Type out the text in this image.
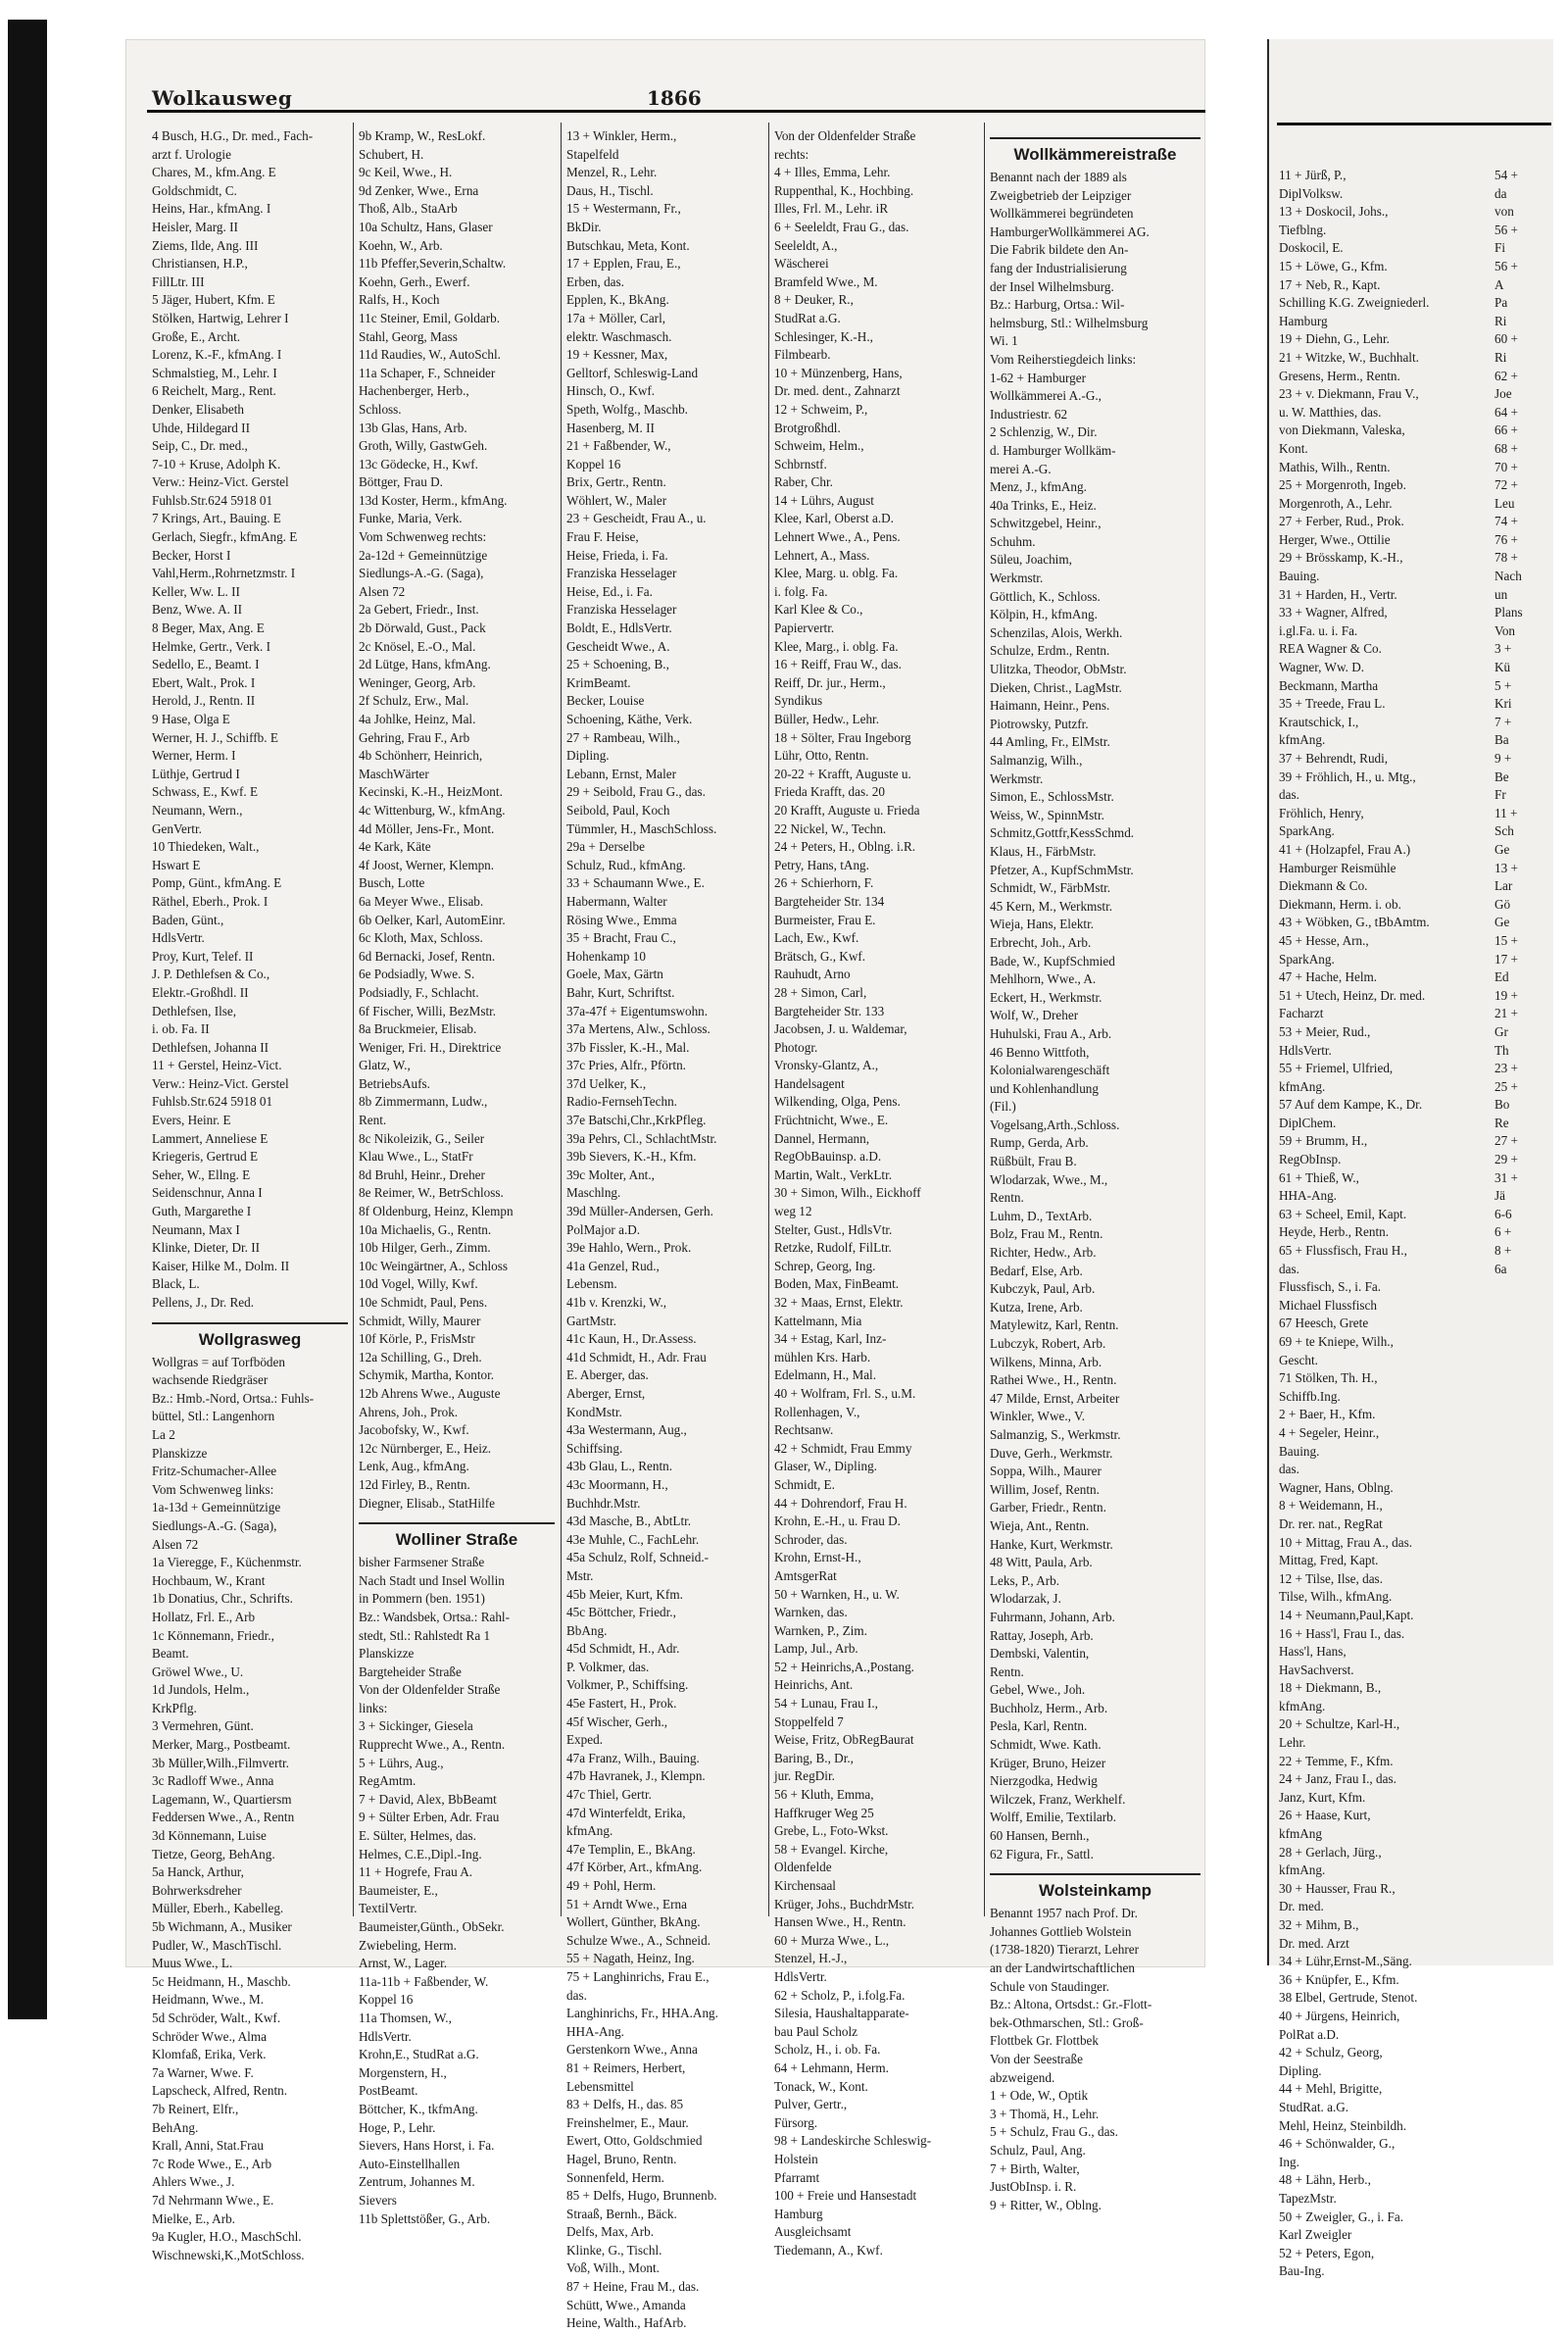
11 + Jürß, P.,
DiplVolksw.
13 + Doskocil, Johs.,
Tiefblng.
Doskocil, E.
15 + Löwe, G., Kfm.
17 + Neb, R., Kapt.
Schilling K.G. Zweigniederl.
Hamburg
19 + Diehn, G., Lehr.
21 + Witzke, W., Buchhalt.
Gresens, Herm., Rentn.
23 + v. Diekmann, Frau V.,
u. W. Matthies, das.
von Diekmann, Valeska,
Kont.
Mathis, Wilh., Rentn.
25 + Morgenroth, Ingeb.
Morgenroth, A., Lehr.
27 + Ferber, Rud., Prok.
Herger, Wwe., Ottilie
29 + Brösskamp, K.-H.,
Bauing.
31 + Harden, H., Vertr.
33 + Wagner, Alfred,
i.gl.Fa. u. i. Fa.
REA Wagner & Co.
Wagner, Ww. D.
Beckmann, Martha
35 + Treede, Frau L.
Krautschick, I.,
kfmAng.
37 + Behrendt, Rudi,
39 + Fröhlich, H., u. Mtg.,
das.
Fröhlich, Henry,
SparkAng.
41 + (Holzapfel, Frau A.)
Hamburger Reismühle
Diekmann & Co.
Diekmann, Herm. i. ob.
43 + Wöbken, G., tBbAmtm.
45 + Hesse, Arn.,
SparkAng.
47 + Hache, Helm.
51 + Utech, Heinz, Dr. med.
Facharzt
53 + Meier, Rud.,
HdlsVertr.
55 + Friemel, Ulfried,
kfmAng.
57 Auf dem Kampe, K., Dr.
DiplChem.
59 + Brumm, H.,
RegObInsp.
61 + Thieß, W.,
HHA-Ang.
63 + Scheel, Emil, Kapt.
Heyde, Herb., Rentn.
65 + Flussfisch, Frau H.,
das.
Flussfisch, S., i. Fa.
Michael Flussfisch
67 Heesch, Grete
69 + te Kniepe, Wilh.,
Gescht.
71 Stölken, Th. H.,
Schiffb.Ing.
2 + Baer, H., Kfm.
4 + Segeler, Heinr.,
Bauing.
das.
Wagner, Hans, Oblng.
8 + Weidemann, H.,
Dr. rer. nat., RegRat
10 + Mittag, Frau A., das.
Mittag, Fred, Kapt.
12 + Tilse, Ilse, das.
Tilse, Wilh., kfmAng.
14 + Neumann,Paul,Kapt.
16 + Hass'l, Frau I., das.
Hass'l, Hans,
HavSachverst.
18 + Diekmann, B.,
kfmAng.
20 + Schultze, Karl-H.,
Lehr.
22 + Temme, F., Kfm.
24 + Janz, Frau I., das.
Janz, Kurt, Kfm.
26 + Haase, Kurt,
kfmAng
28 + Gerlach, Jürg.,
kfmAng.
30 + Hausser, Frau R.,
Dr. med.
32 + Mihm, B.,
Dr. med. Arzt
34 + Lühr,Ernst-M.,Säng.
36 + Knüpfer, E., Kfm.
38 Elbel, Gertrude, Stenot.
40 + Jürgens, Heinrich,
PolRat a.D.
42 + Schulz, Georg,
Dipling.
44 + Mehl, Brigitte,
StudRat. a.G.
Mehl, Heinz, Steinbildh.
46 + Schönwalder, G.,
Ing.
48 + Lähn, Herb.,
TapezMstr.
50 + Zweigler, G., i. Fa.
Karl Zweigler
52 + Peters, Egon,
Bau-Ing.
54 +
da
von
56 +
Fi
56 +
A
Pa
Ri
60 +
Ri
62 +
Joe
64 +
66 +
68 +
70 +
72 +
Leu
74 +
76 +
78 +
Nach
un
Plans
Von
3 +
Kü
5 +
Kri
7 +
Ba
9 +
Be
Fr
11 +
Sch
Ge
13 +
Lar
Gö
Ge
15 +
17 +
Ed
19 +
21 +
Gr
Th
23 +
25 +
Bo
Re
27 +
29 +
31 +
Jä
6-6
6 +
8 +
6a
Wolkausweg	1866
4 Busch, H.G., Dr. med., Fach-
arzt f. Urologie
Chares, M., kfm.Ang. E
Goldschmidt, C.
Heins, Har., kfmAng. I
Heisler, Marg. II
Ziems, Ilde, Ang. III
Christiansen, H.P.,
FillLtr. III
5 Jäger, Hubert, Kfm. E
Stölken, Hartwig, Lehrer I
Große, E., Archt.
Lorenz, K.-F., kfmAng. I
Schmalstieg, M., Lehr. I
6 Reichelt, Marg., Rent.
Denker, Elisabeth
Uhde, Hildegard II
Seip, C., Dr. med.,
7-10 + Kruse, Adolph K.
Verw.: Heinz-Vict. Gerstel
Fuhlsb.Str.624 5918 01
7 Krings, Art., Bauing. E
Gerlach, Siegfr., kfmAng. E
Becker, Horst I
Vahl,Herm.,Rohrnetzmstr. I
Keller, Ww. L. II
Benz, Wwe. A. II
8 Beger, Max, Ang. E
Helmke, Gertr., Verk. I
Sedello, E., Beamt. I
Ebert, Walt., Prok. I
Herold, J., Rentn. II
9 Hase, Olga E
Werner, H. J., Schiffb. E
Werner, Herm. I
Lüthje, Gertrud I
Schwass, E., Kwf. E
Neumann, Wern.,
GenVertr.
10 Thiedeken, Walt.,
Hswart E
Pomp, Günt., kfmAng. E
Räthel, Eberh., Prok. I
Baden, Günt.,
HdlsVertr.
Proy, Kurt, Telef. II
J. P. Dethlefsen & Co.,
Elektr.-Großhdl. II
Dethlefsen, Ilse,
i. ob. Fa. II
Dethlefsen, Johanna II
11 + Gerstel, Heinz-Vict.
Verw.: Heinz-Vict. Gerstel
Fuhlsb.Str.624 5918 01
Evers, Heinr. E
Lammert, Anneliese E
Kriegeris, Gertrud E
Seher, W., Ellng. E
Seidenschnur, Anna I
Guth, Margarethe I
Neumann, Max I
Klinke, Dieter, Dr. II
Kaiser, Hilke M., Dolm. II
Black, L.
Pellens, J., Dr. Red.
Wollgrasweg
Wollgras = auf Torfböden
wachsende Riedgräser
Bz.: Hmb.-Nord, Ortsa.: Fuhls-
büttel, Stl.: Langenhorn
La 2
Planskizze
Fritz-Schumacher-Allee
Vom Schwenweg links:
1a-13d + Gemeinnützige
Siedlungs-A.-G. (Saga),
Alsen 72
1a Vieregge, F., Küchenmstr.
Hochbaum, W., Krant
1b Donatius, Chr., Schrifts.
Hollatz, Frl. E., Arb
1c Könnemann, Friedr.,
Beamt.
Gröwel Wwe., U.
1d Jundols, Helm.,
KrkPflg.
3 Vermehren, Günt.
Merker, Marg., Postbeamt.
3b Müller,Wilh.,Filmvertr.
3c Radloff Wwe., Anna
Lagemann, W., Quartiersm
Feddersen Wwe., A., Rentn
3d Könnemann, Luise
Tietze, Georg, BehAng.
5a Hanck, Arthur,
Bohrwerksdreher
Müller, Eberh., Kabelleg.
5b Wichmann, A., Musiker
Pudler, W., MaschTischl.
Muus Wwe., L.
5c Heidmann, H., Maschb.
Heidmann, Wwe., M.
5d Schröder, Walt., Kwf.
Schröder Wwe., Alma
Klomfaß, Erika, Verk.
7a Warner, Wwe. F.
Lapscheck, Alfred, Rentn.
7b Reinert, Elfr.,
BehAng.
Krall, Anni, Stat.Frau
7c Rode Wwe., E., Arb
Ahlers Wwe., J.
7d Nehrmann Wwe., E.
Mielke, E., Arb.
9a Kugler, H.O., MaschSchl.
Wischnewski,K.,MotSchloss.
9b Kramp, W., ResLokf.
Schubert, H.
9c Keil, Wwe., H.
9d Zenker, Wwe., Erna
Thoß, Alb., StaArb
10a Schultz, Hans, Glaser
Koehn, W., Arb.
11b Pfeffer,Severin,Schaltw.
Koehn, Gerh., Ewerf.
Ralfs, H., Koch
11c Steiner, Emil, Goldarb.
Stahl, Georg, Mass
11d Raudies, W., AutoSchl.
11a Schaper, F., Schneider
Hachenberger, Herb.,
Schloss.
13b Glas, Hans, Arb.
Groth, Willy, GastwGeh.
13c Gödecke, H., Kwf.
Böttger, Frau D.
13d Koster, Herm., kfmAng.
Funke, Maria, Verk.
Vom Schwenweg rechts:
2a-12d + Gemeinnützige
Siedlungs-A.-G. (Saga),
Alsen 72
2a Gebert, Friedr., Inst.
2b Dörwald, Gust., Pack
2c Knösel, E.-O., Mal.
2d Lütge, Hans, kfmAng.
Weninger, Georg, Arb.
2f Schulz, Erw., Mal.
4a Johlke, Heinz, Mal.
Gehring, Frau F., Arb
4b Schönherr, Heinrich,
MaschWärter
Kecinski, K.-H., HeizMont.
4c Wittenburg, W., kfmAng.
4d Möller, Jens-Fr., Mont.
4e Kark, Käte
4f Joost, Werner, Klempn.
Busch, Lotte
6a Meyer Wwe., Elisab.
6b Oelker, Karl, AutomEinr.
6c Kloth, Max, Schloss.
6d Bernacki, Josef, Rentn.
6e Podsiadly, Wwe. S.
Podsiadly, F., Schlacht.
6f Fischer, Willi, BezMstr.
8a Bruckmeier, Elisab.
Weniger, Fri. H., Direktrice
Glatz, W.,
BetriebsAufs.
8b Zimmermann, Ludw.,
Rent.
8c Nikoleizik, G., Seiler
Klau Wwe., L., StatFr
8d Bruhl, Heinr., Dreher
8e Reimer, W., BetrSchloss.
8f Oldenburg, Heinz, Klempn
10a Michaelis, G., Rentn.
10b Hilger, Gerh., Zimm.
10c Weingärtner, A., Schloss
10d Vogel, Willy, Kwf.
10e Schmidt, Paul, Pens.
Schmidt, Willy, Maurer
10f Körle, P., FrisMstr
12a Schilling, G., Dreh.
Schymik, Martha, Kontor.
12b Ahrens Wwe., Auguste
Ahrens, Joh., Prok.
Jacobofsky, W., Kwf.
12c Nürnberger, E., Heiz.
Lenk, Aug., kfmAng.
12d Firley, B., Rentn.
Diegner, Elisab., StatHilfe
Wolliner Straße
bisher Farmsener Straße
Nach Stadt und Insel Wollin
in Pommern (ben. 1951)
Bz.: Wandsbek, Ortsa.: Rahl-
stedt, Stl.: Rahlstedt Ra 1
Planskizze
Bargteheider Straße
Von der Oldenfelder Straße
links:
3 + Sickinger, Giesela
Rupprecht Wwe., A., Rentn.
5 + Lührs, Aug.,
RegAmtm.
7 + David, Alex, BbBeamt
9 + Sülter Erben, Adr. Frau
E. Sülter, Helmes, das.
Helmes, C.E.,Dipl.-Ing.
11 + Hogrefe, Frau A.
Baumeister, E.,
TextilVertr.
Baumeister,Günth., ObSekr.
Zwiebeling, Herm.
Arnst, W., Lager.
11a-11b + Faßbender, W.
Koppel 16
11a Thomsen, W.,
HdlsVertr.
Krohn,E., StudRat a.G.
Morgenstern, H.,
PostBeamt.
Böttcher, K., tkfmAng.
Hoge, P., Lehr.
Sievers, Hans Horst, i. Fa.
Auto-Einstellhallen
Zentrum, Johannes M.
Sievers
11b Splettstößer, G., Arb.
13 + Winkler, Herm.,
Stapelfeld
Menzel, R., Lehr.
Daus, H., Tischl.
15 + Westermann, Fr.,
BkDir.
Butschkau, Meta, Kont.
17 + Epplen, Frau, E.,
Erben, das.
Epplen, K., BkAng.
17a + Möller, Carl,
elektr. Waschmasch.
19 + Kessner, Max,
Gelltorf, Schleswig-Land
Hinsch, O., Kwf.
Speth, Wolfg., Maschb.
Hasenberg, M. II
21 + Faßbender, W.,
Koppel 16
Brix, Gertr., Rentn.
Wöhlert, W., Maler
23 + Gescheidt, Frau A., u.
Frau F. Heise,
Heise, Frieda, i. Fa.
Franziska Hesselager
Heise, Ed., i. Fa.
Franziska Hesselager
Boldt, E., HdlsVertr.
Gescheidt Wwe., A.
25 + Schoening, B.,
KrimBeamt.
Becker, Louise
Schoening, Käthe, Verk.
27 + Rambeau, Wilh.,
Dipling.
Lebann, Ernst, Maler
29 + Seibold, Frau G., das.
Seibold, Paul, Koch
Tümmler, H., MaschSchloss.
29a + Derselbe
Schulz, Rud., kfmAng.
33 + Schaumann Wwe., E.
Habermann, Walter
Rösing Wwe., Emma
35 + Bracht, Frau C.,
Hohenkamp 10
Goele, Max, Gärtn
Bahr, Kurt, Schriftst.
37a-47f + Eigentumswohn.
37a Mertens, Alw., Schloss.
37b Fissler, K.-H., Mal.
37c Pries, Alfr., Pförtn.
37d Uelker, K.,
Radio-FernsehTechn.
37e Batschi,Chr.,KrkPfleg.
39a Pehrs, Cl., SchlachtMstr.
39b Sievers, K.-H., Kfm.
39c Molter, Ant.,
Maschlng.
39d Müller-Andersen, Gerh.
PolMajor a.D.
39e Hahlo, Wern., Prok.
41a Genzel, Rud.,
Lebensm.
41b v. Krenzki, W.,
GartMstr.
41c Kaun, H., Dr.Assess.
41d Schmidt, H., Adr. Frau
E. Aberger, das.
Aberger, Ernst,
KondMstr.
43a Westermann, Aug.,
Schiffsing.
43b Glau, L., Rentn.
43c Moormann, H.,
Buchhdr.Mstr.
43d Masche, B., AbtLtr.
43e Muhle, C., FachLehr.
45a Schulz, Rolf, Schneid.-
Mstr.
45b Meier, Kurt, Kfm.
45c Böttcher, Friedr.,
BbAng.
45d Schmidt, H., Adr.
P. Volkmer, das.
Volkmer, P., Schiffsing.
45e Fastert, H., Prok.
45f Wischer, Gerh.,
Exped.
47a Franz, Wilh., Bauing.
47b Havranek, J., Klempn.
47c Thiel, Gertr.
47d Winterfeldt, Erika,
kfmAng.
47e Templin, E., BkAng.
47f Körber, Art., kfmAng.
49 + Pohl, Herm.
51 + Arndt Wwe., Erna
Wollert, Günther, BkAng.
Schulze Wwe., A., Schneid.
55 + Nagath, Heinz, Ing.
75 + Langhinrichs, Frau E.,
das.
Langhinrichs, Fr., HHA.Ang.
HHA-Ang.
Gerstenkorn Wwe., Anna
81 + Reimers, Herbert,
Lebensmittel
83 + Delfs, H., das. 85
Freinshelmer, E., Maur.
Ewert, Otto, Goldschmied
Hagel, Bruno, Rentn.
Sonnenfeld, Herm.
85 + Delfs, Hugo, Brunnenb.
Straaß, Bernh., Bäck.
Delfs, Max, Arb.
Klinke, G., Tischl.
Voß, Wilh., Mont.
87 + Heine, Frau M., das.
Schütt, Wwe., Amanda
Heine, Walth., HafArb.
Von der Oldenfelder Straße
rechts:
4 + Illes, Emma, Lehr.
Ruppenthal, K., Hochbing.
Illes, Frl. M., Lehr. iR
6 + Seeleldt, Frau G., das.
Seeleldt, A.,
Wäscherei
Bramfeld Wwe., M.
8 + Deuker, R.,
StudRat a.G.
Schlesinger, K.-H.,
Filmbearb.
10 + Münzenberg, Hans,
Dr. med. dent., Zahnarzt
12 + Schweim, P.,
Brotgroßhdl.
Schweim, Helm.,
Schbrnstf.
Raber, Chr.
14 + Lührs, August
Klee, Karl, Oberst a.D.
Lehnert Wwe., A., Pens.
Lehnert, A., Mass.
Klee, Marg. u. oblg. Fa.
i. folg. Fa.
Karl Klee & Co.,
Papiervertr.
Klee, Marg., i. oblg. Fa.
16 + Reiff, Frau W., das.
Reiff, Dr. jur., Herm.,
Syndikus
Büller, Hedw., Lehr.
18 + Sölter, Frau Ingeborg
Lühr, Otto, Rentn.
20-22 + Krafft, Auguste u.
Frieda Krafft, das. 20
20 Krafft, Auguste u. Frieda
22 Nickel, W., Techn.
24 + Peters, H., Oblng. i.R.
Petry, Hans, tAng.
26 + Schierhorn, F.
Bargteheider Str. 134
Burmeister, Frau E.
Lach, Ew., Kwf.
Brätsch, G., Kwf.
Rauhudt, Arno
28 + Simon, Carl,
Bargteheider Str. 133
Jacobsen, J. u. Waldemar,
Photogr.
Vronsky-Glantz, A.,
Handelsagent
Wilkending, Olga, Pens.
Früchtnicht, Wwe., E.
Dannel, Hermann,
RegObBauinsp. a.D.
Martin, Walt., VerkLtr.
30 + Simon, Wilh., Eickhoff
weg 12
Stelter, Gust., HdlsVtr.
Retzke, Rudolf, FilLtr.
Schrep, Georg, Ing.
Boden, Max, FinBeamt.
32 + Maas, Ernst, Elektr.
Kattelmann, Mia
34 + Estag, Karl, Inz-
mühlen Krs. Harb.
Edelmann, H., Mal.
40 + Wolfram, Frl. S., u.M.
Rollenhagen, V.,
Rechtsanw.
42 + Schmidt, Frau Emmy
Glaser, W., Dipling.
Schmidt, E.
44 + Dohrendorf, Frau H.
Krohn, E.-H., u. Frau D.
Schroder, das.
Krohn, Ernst-H.,
AmtsgerRat
50 + Warnken, H., u. W.
Warnken, das.
Warnken, P., Zim.
Lamp, Jul., Arb.
52 + Heinrichs,A.,Postang.
Heinrichs, Ant.
54 + Lunau, Frau I.,
Stoppelfeld 7
Weise, Fritz, ObRegBaurat
Baring, B., Dr.,
jur. RegDir.
56 + Kluth, Emma,
Haffkruger Weg 25
Grebe, L., Foto-Wkst.
58 + Evangel. Kirche,
Oldenfelde
Kirchensaal
Krüger, Johs., BuchdrMstr.
Hansen Wwe., H., Rentn.
60 + Murza Wwe., L.,
Stenzel, H.-J.,
HdlsVertr.
62 + Scholz, P., i.folg.Fa.
Silesia, Haushaltapparate-
bau Paul Scholz
Scholz, H., i. ob. Fa.
64 + Lehmann, Herm.
Tonack, W., Kont.
Pulver, Gertr.,
Fürsorg.
98 + Landeskirche Schleswig-
Holstein
Pfarramt
100 + Freie und Hansestadt
Hamburg
Ausgleichsamt
Tiedemann, A., Kwf.
Wollkämmereistraße
Benannt nach der 1889 als
Zweigbetrieb der Leipziger
Wollkämmerei begründeten
HamburgerWollkämmerei AG.
Die Fabrik bildete den An-
fang der Industrialisierung
der Insel Wilhelmsburg.
Bz.: Harburg, Ortsa.: Wil-
helmsburg, Stl.: Wilhelmsburg
Wi. 1
Vom Reiherstiegdeich links:
1-62 + Hamburger
Wollkämmerei A.-G.,
Industriestr. 62
2 Schlenzig, W., Dir.
d. Hamburger Wollkäm-
merei A.-G.
Menz, J., kfmAng.
40a Trinks, E., Heiz.
Schwitzgebel, Heinr.,
Schuhm.
Süleu, Joachim,
Werkmstr.
Göttlich, K., Schloss.
Kölpin, H., kfmAng.
Schenzilas, Alois, Werkh.
Schulze, Erdm., Rentn.
Ulitzka, Theodor, ObMstr.
Dieken, Christ., LagMstr.
Haimann, Heinr., Pens.
Piotrowsky, Putzfr.
44 Amling, Fr., ElMstr.
Salmanzig, Wilh.,
Werkmstr.
Simon, E., SchlossMstr.
Weiss, W., SpinnMstr.
Schmitz,Gottfr,KessSchmd.
Klaus, H., FärbMstr.
Pfetzer, A., KupfSchmMstr.
Schmidt, W., FärbMstr.
45 Kern, M., Werkmstr.
Wieja, Hans, Elektr.
Erbrecht, Joh., Arb.
Bade, W., KupfSchmied
Mehlhorn, Wwe., A.
Eckert, H., Werkmstr.
Wolf, W., Dreher
Huhulski, Frau A., Arb.
46 Benno Wittfoth,
Kolonialwarengeschäft
und Kohlenhandlung
(Fil.)
Vogelsang,Arth.,Schloss.
Rump, Gerda, Arb.
Rüßbült, Frau B.
Wlodarzak, Wwe., M.,
Rentn.
Luhm, D., TextArb.
Bolz, Frau M., Rentn.
Richter, Hedw., Arb.
Bedarf, Else, Arb.
Kubczyk, Paul, Arb.
Kutza, Irene, Arb.
Matylewitz, Karl, Rentn.
Lubczyk, Robert, Arb.
Wilkens, Minna, Arb.
Rathei Wwe., H., Rentn.
47 Milde, Ernst, Arbeiter
Winkler, Wwe., V.
Salmanzig, S., Werkmstr.
Duve, Gerh., Werkmstr.
Soppa, Wilh., Maurer
Willim, Josef, Rentn.
Garber, Friedr., Rentn.
Wieja, Ant., Rentn.
Hanke, Kurt, Werkmstr.
48 Witt, Paula, Arb.
Leks, P., Arb.
Wlodarzak, J.
Fuhrmann, Johann, Arb.
Rattay, Joseph, Arb.
Dembski, Valentin,
Rentn.
Gebel, Wwe., Joh.
Buchholz, Herm., Arb.
Pesla, Karl, Rentn.
Schmidt, Wwe. Kath.
Krüger, Bruno, Heizer
Nierzgodka, Hedwig
Wilczek, Franz, Werkhelf.
Wolff, Emilie, Textilarb.
60 Hansen, Bernh.,
62 Figura, Fr., Sattl.
Wolsteinkamp
Benannt 1957 nach Prof. Dr.
Johannes Gottlieb Wolstein
(1738-1820) Tierarzt, Lehrer
an der Landwirtschaftlichen
Schule von Staudinger.
Bz.: Altona, Ortsdst.: Gr.-Flott-
bek-Othmarschen, Stl.: Groß-
Flottbek Gr. Flottbek
Von der Seestraße
abzweigend.
1 + Ode, W., Optik
3 + Thomä, H., Lehr.
5 + Schulz, Frau G., das.
Schulz, Paul, Ang.
7 + Birth, Walter,
JustObInsp. i. R.
9 + Ritter, W., Oblng.
